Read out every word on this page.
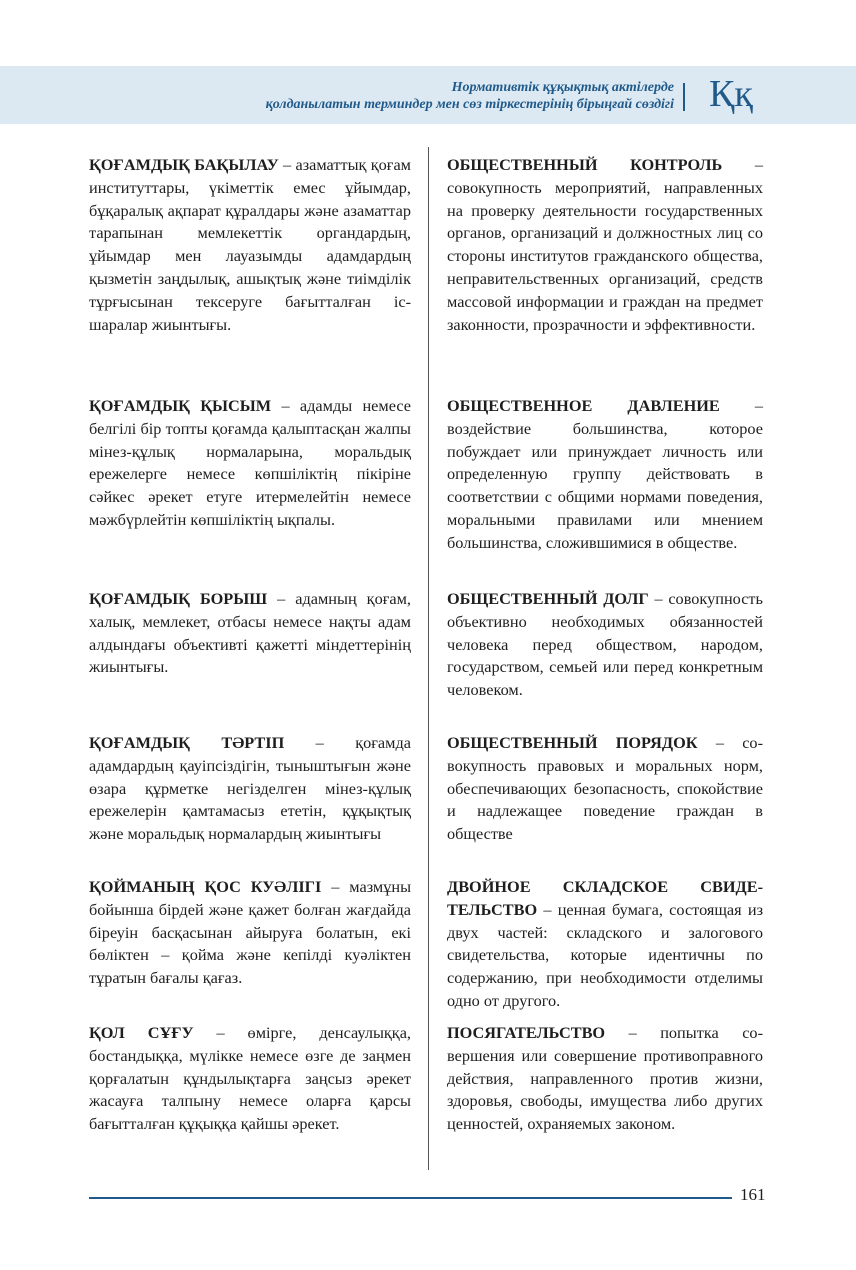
Нормативтік құқықтық актілерде
қолданылатын терминдер мен сөз тіркестерінің бірыңғай сөздігі Ққ

ҚОҒАМДЫҚ БАҚЫЛАУ – азаматтық қоғам институттары, үкіметтік емес ұйымдар, бұқаралық ақпарат құралдары және азаматтар тарапынан мемлекеттік органдардың, ұйымдар мен лауазымды адамдардың қызметін заңдылық, ашықтық және тиімділік тұрғысынан тексеруге бағытталған іс-шаралар жиынтығы.

ҚОҒАМДЫҚ ҚЫСЫМ – адамды немесе белгілі бір топты қоғамда қалыптасқан жалпы мінез-құлық нормаларына, моральдық ережелерге немесе көпшіліктің пікіріне сәйкес әрекет етуге итермелейтін немесе мәжбүрлейтін көпшіліктің ықпалы.

ҚОҒАМДЫҚ БОРЫШ – адамның қоғам, халық, мемлекет, отбасы немесе нақты адам алдындағы объективті қажетті міндеттерінің жиынтығы.

ҚОҒАМДЫҚ ТӘРТІП – қоғамда адамдардың қауіпсіздігін, тыныштығын және өзара құрметке негізделген мінез-құлық ережелерін қамтамасыз ететін, құқықтық және моральдық нормалардың жиынтығы

ҚОЙМАНЫҢ ҚОС КУӘЛІГІ – мазмұны бойынша бірдей және қажет болған жағдайда біреуін басқасынан айыруға болатын, екі бөліктен – қойма және кепілді куәліктен тұратын бағалы қағаз.

ҚОЛ СҰҒУ – өмірге, денсаулыққа, бостандыққа, мүлікке немесе өзге де заңмен қорғалатын құндылықтарға заңсыз әрекет жасауға талпыну немесе оларға қарсы бағытталған құқыққа қайшы әрекет.

ОБЩЕСТВЕННЫЙ КОНТРОЛЬ – совокупность мероприятий, направленных на проверку деятельности государственных органов, организаций и должностных лиц со стороны институтов гражданского общества, неправительственных организаций, средств массовой информации и граждан на предмет законности, прозрачности и эффективности.

ОБЩЕСТВЕННОЕ ДАВЛЕНИЕ – воздействие большинства, которое побуждает или принуждает личность или определенную группу действовать в соответствии с общими нормами поведения, моральными правилами или мнением большинства, сложившимися в обществе.

ОБЩЕСТВЕННЫЙ ДОЛГ – совокупность объективно необходимых обязанностей человека перед обществом, народом, государством, семьей или перед конкретным человеком.

ОБЩЕСТВЕННЫЙ ПОРЯДОК – совокупность правовых и моральных норм, обеспечивающих безопасность, спокойствие и надлежащее поведение граждан в обществе

ДВОЙНОЕ СКЛАДСКОЕ СВИДЕТЕЛЬСТВО – ценная бумага, состоящая из двух частей: складского и залогового свидетельства, которые идентичны по содержанию, при необходимости отделимы одно от другого.

ПОСЯГАТЕЛЬСТВО – попытка совершения или совершение противоправного действия, направленного против жизни, здоровья, свободы, имущества либо других ценностей, охраняемых законом.

161
